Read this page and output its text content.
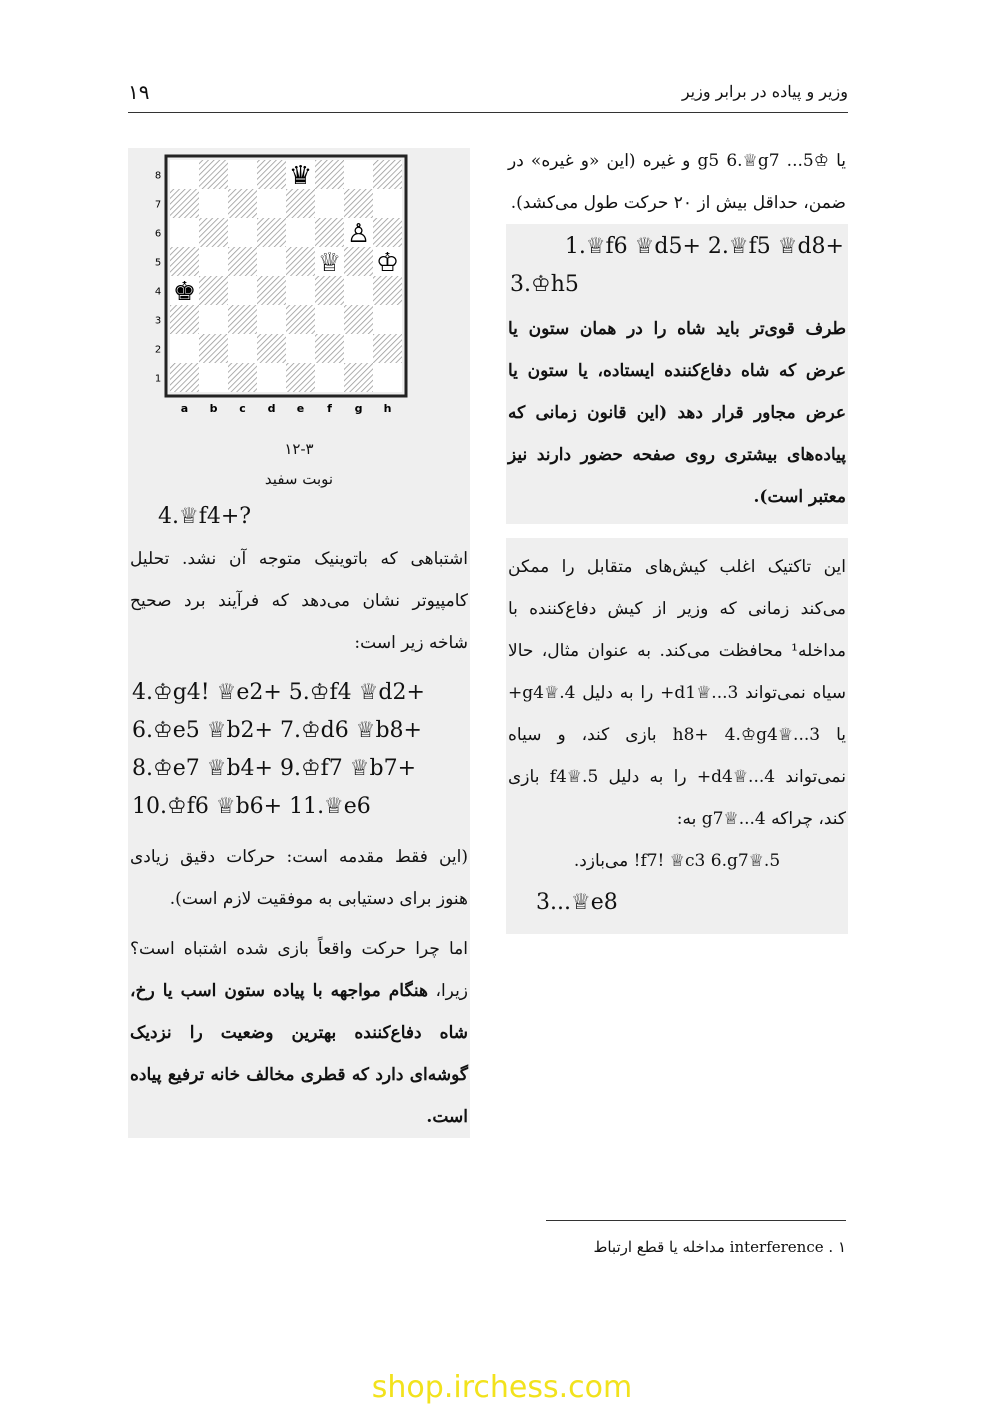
۱۹	وزیر و پیاده در برابر وزیر

یا ♔g5 6.♕g7 ...5 و غیره (این «و غیره» در ضمن، حداقل بیش از ۲۰ حرکت طول می‌کشد).

1.♕f6 ♕d5+ 2.♕f5 ♕d8+
3.♔h5

طرف قوی‌تر باید شاه را در همان ستون یا عرض که شاه دفاع‌کننده ایستاده، یا ستون یا عرض مجاور قرار دهد (این قانون زمانی که پیاده‌های بیشتری روی صفحه حضور دارند نیز معتبر است).

این تاکتیک اغلب کیش‌های متقابل را ممکن می‌کند زمانی که وزیر از کیش دفاع‌کننده با مداخله¹ محافظت می‌کند. به عنوان مثال، حالا سیاه نمی‌تواند 3...♕d1+ را به دلیل 4.♕g4+ یا 3...♕h8+ 4.♔g4 بازی کند، و سیاه نمی‌تواند 4...♕d4+ را به دلیل 5.♕f4 بازی کند، چراکه 4...♕g7 به:

5.♕f7! ♕c3 6.g7! می‌بازد.

3...♕e8

8
7
6
5
4
3
2
1
a b c d e f g h
♛
♙
♕ ♔
♚
۱۲-۳
نوبت سفید

4.♕f4+?

اشتباهی که باتوینیک متوجه آن نشد. تحلیل کامپیوتر نشان می‌دهد که فرآیند برد صحیح شاخه زیر است:

4.♔g4! ♕e2+ 5.♔f4 ♕d2+
6.♔e5 ♕b2+ 7.♔d6 ♕b8+
8.♔e7 ♕b4+ 9.♔f7 ♕b7+
10.♔f6 ♕b6+ 11.♕e6

(این فقط مقدمه است: حرکات دقیق زیادی هنوز برای دستیابی به موفقیت لازم است).

اما چرا حرکت واقعاً بازی شده اشتباه است؟ زیرا، هنگام مواجهه با پیاده ستون اسب یا رخ، شاه دفاع‌کننده بهترین وضعیت را نزدیک گوشه‌ای دارد که قطری مخالف خانه ترفیع پیاده است.

۱ . interference مداخله یا قطع ارتباط
shop.irchess.com
